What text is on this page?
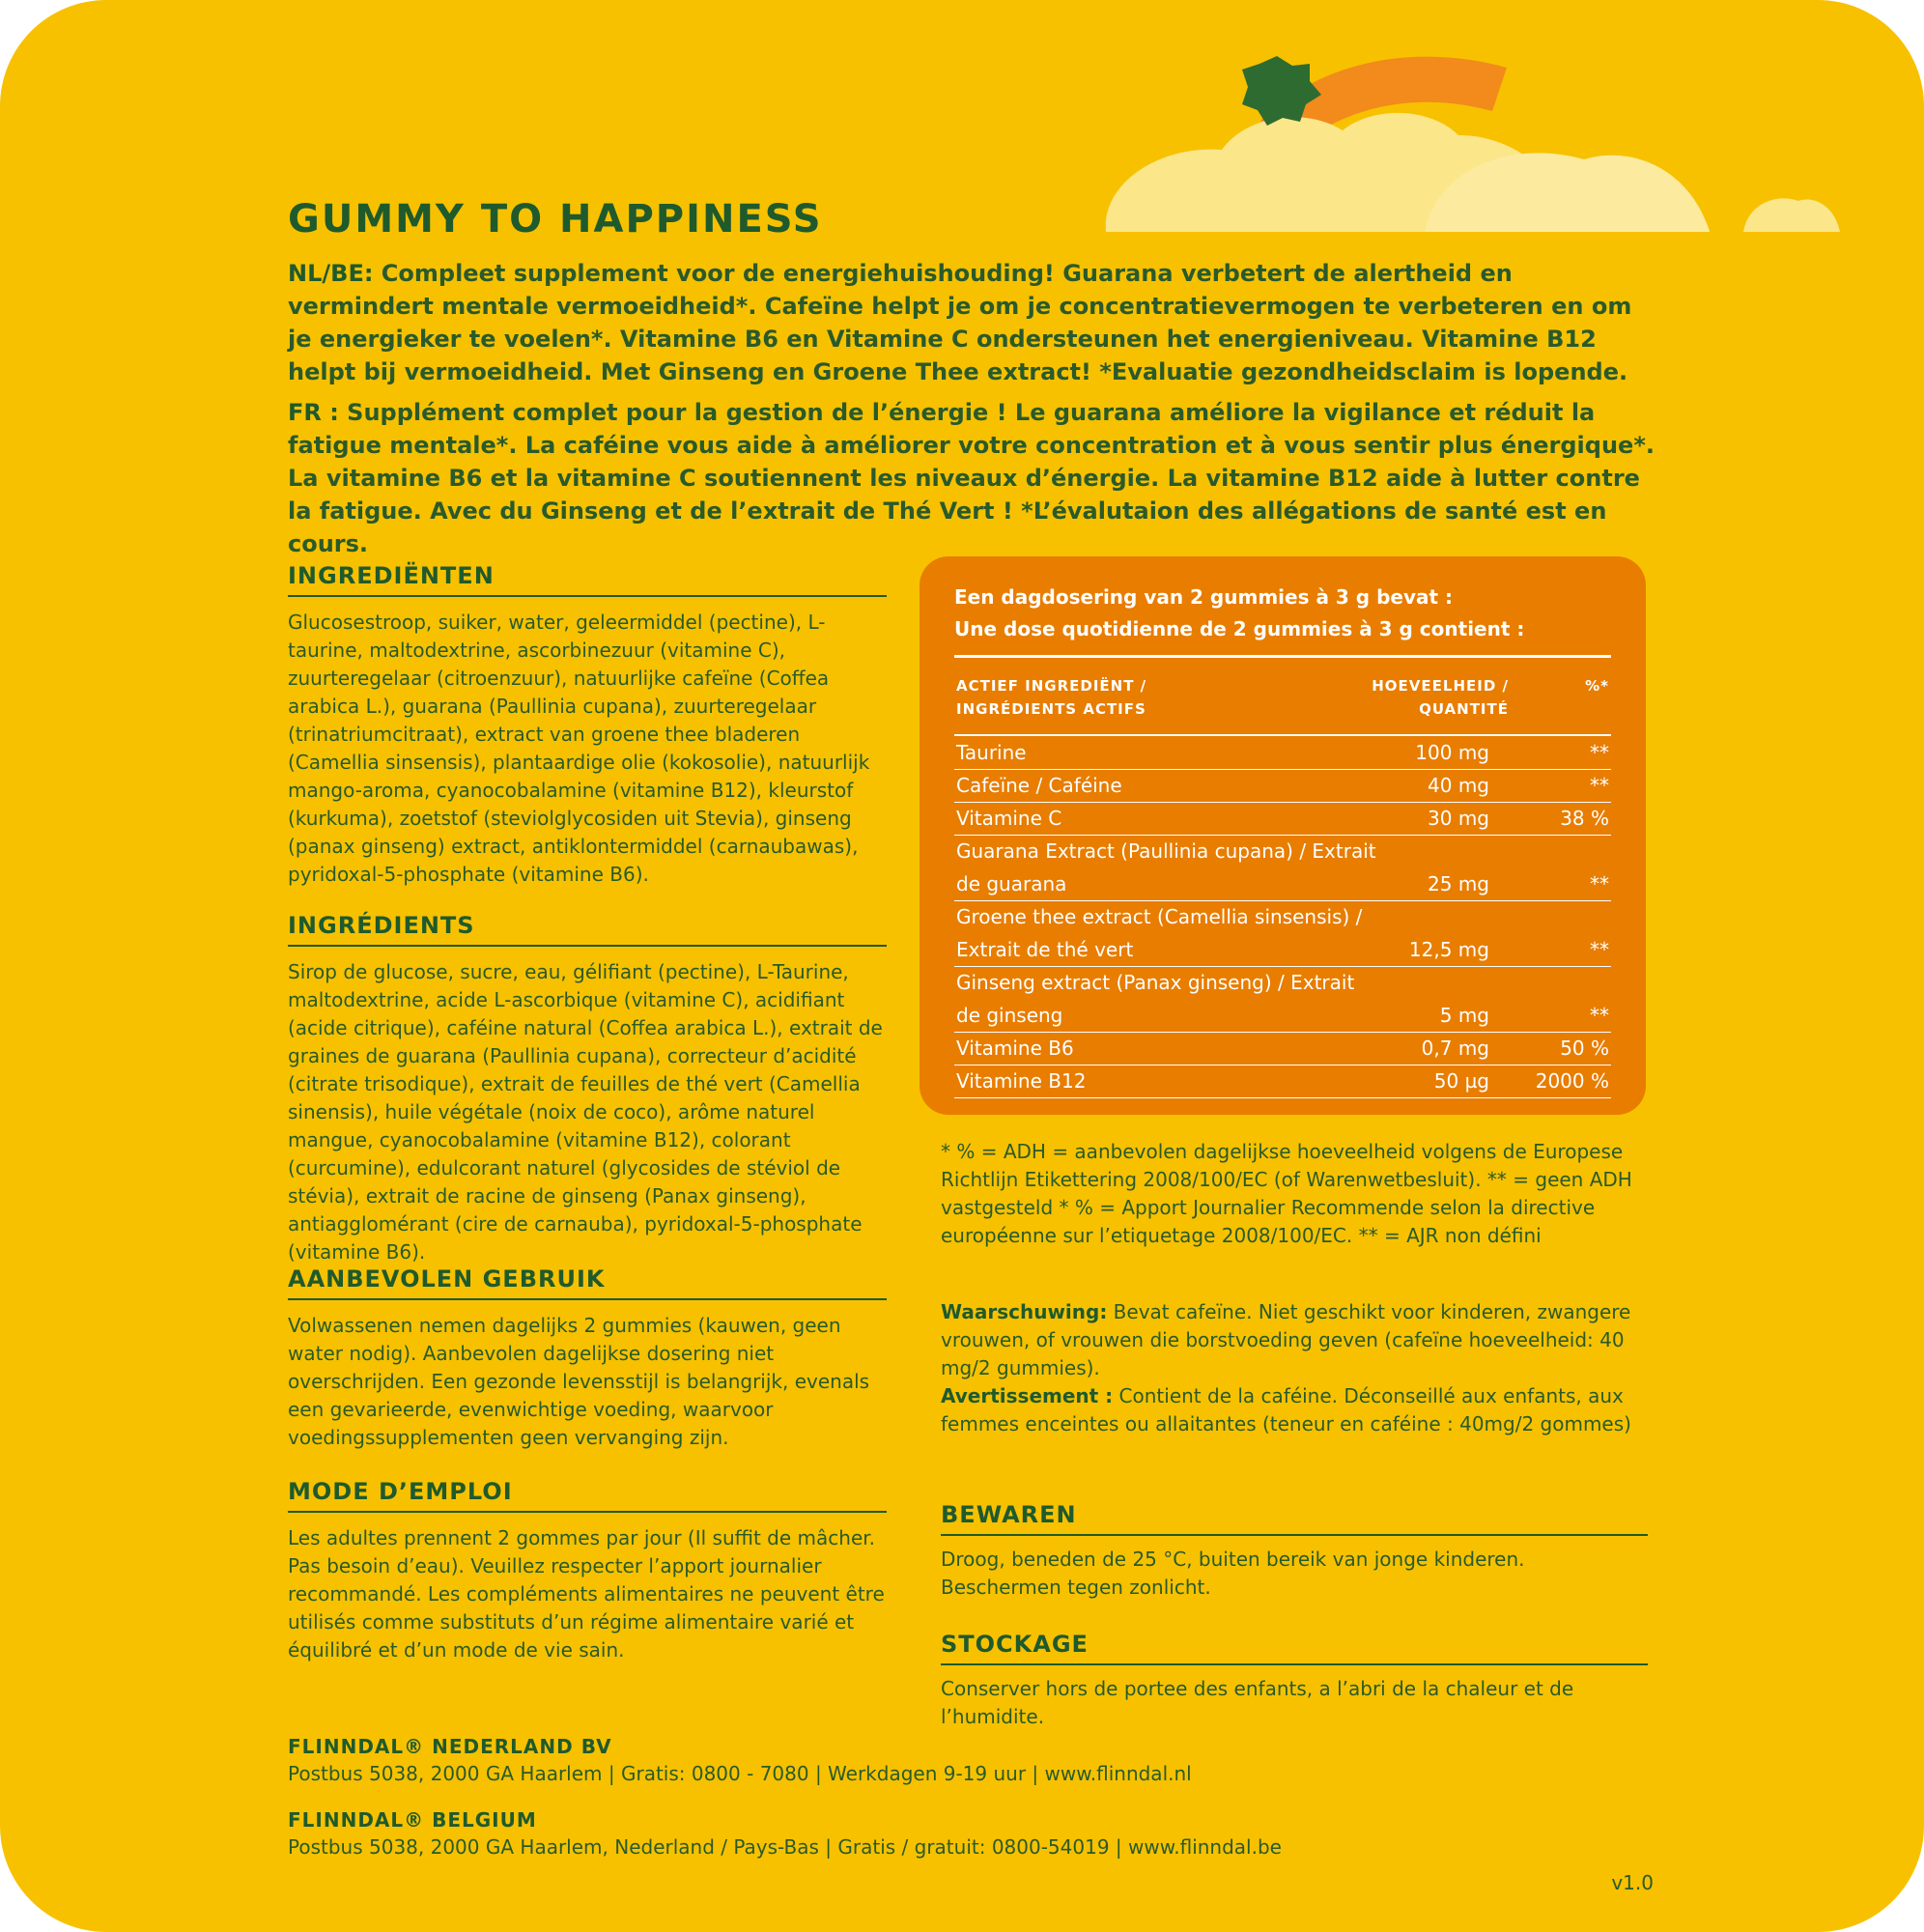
GUMMY TO HAPPINESS

NL/BE: Compleet supplement voor de energiehuishouding! Guarana verbetert de alertheid en vermindert mentale vermoeidheid*. Cafeïne helpt je om je concentratievermogen te verbeteren en om je energieker te voelen*. Vitamine B6 en Vitamine C ondersteunen het energieniveau. Vitamine B12 helpt bij vermoeidheid. Met Ginseng en Groene Thee extract! *Evaluatie gezondheidsclaim is lopende.

FR : Supplément complet pour la gestion de l’énergie ! Le guarana améliore la vigilance et réduit la fatigue mentale*. La caféine vous aide à améliorer votre concentration et à vous sentir plus énergique*. La vitamine B6 et la vitamine C soutiennent les niveaux d’énergie. La vitamine B12 aide à lutter contre la fatigue. Avec du Ginseng et de l’extrait de Thé Vert ! *L’évalutaion des allégations de santé est en cours.

INGREDIËNTEN

Glucosestroop, suiker, water, geleermiddel (pectine), L-taurine, maltodextrine, ascorbinezuur (vitamine C), zuurteregelaar (citroenzuur), natuurlijke cafeïne (Coffea arabica L.), guarana (Paullinia cupana), zuurteregelaar (trinatriumcitraat), extract van groene thee bladeren (Camellia sinsensis), plantaardige olie (kokosolie), natuurlijk mango-aroma, cyanocobalamine (vitamine B12), kleurstof (kurkuma), zoetstof (steviolglycosiden uit Stevia), ginseng (panax ginseng) extract, antiklontermiddel (carnaubawas), pyridoxal-5-phosphate (vitamine B6).

INGRÉDIENTS

Sirop de glucose, sucre, eau, gélifiant (pectine), L-Taurine, maltodextrine, acide L-ascorbique (vitamine C), acidifiant (acide citrique), caféine natural (Coffea arabica L.), extrait de graines de guarana (Paullinia cupana), correcteur d’acidité (citrate trisodique), extrait de feuilles de thé vert (Camellia sinensis), huile végétale (noix de coco), arôme naturel mangue, cyanocobalamine (vitamine B12), colorant (curcumine), edulcorant naturel (glycosides de stéviol de stévia), extrait de racine de ginseng (Panax ginseng), antiagglomérant (cire de carnauba), pyridoxal-5-phosphate (vitamine B6).

AANBEVOLEN GEBRUIK

Volwassenen nemen dagelijks 2 gummies (kauwen, geen water nodig). Aanbevolen dagelijkse dosering niet overschrijden. Een gezonde levensstijl is belangrijk, evenals een gevarieerde, evenwichtige voeding, waarvoor voedingssupplementen geen vervanging zijn.

MODE D’EMPLOI

Les adultes prennent 2 gommes par jour (Il suffit de mâcher. Pas besoin d’eau). Veuillez respecter l’apport journalier recommandé. Les compléments alimentaires ne peuvent être utilisés comme substituts d’un régime alimentaire varié et équilibré et d’un mode de vie sain.

Een dagdosering van 2 gummies à 3 g bevat :
Une dose quotidienne de 2 gummies à 3 g contient :

ACTIEF INGREDIËNT / INGRÉDIENTS ACTIFS
HOEVEELHEID / QUANTITÉ
%*
Taurine	100 mg	**
Cafeïne / Caféine	40 mg	**
Vitamine C	30 mg	38 %
Guarana Extract (Paullinia cupana) / Extrait de guarana	25 mg	**
Groene thee extract (Camellia sinsensis) / Extrait de thé vert	12,5 mg	**
Ginseng extract (Panax ginseng) / Extrait de ginseng	5 mg	**
Vitamine B6	0,7 mg	50 %
Vitamine B12	50 µg 2000 %

* % = ADH = aanbevolen dagelijkse hoeveelheid volgens de Europese Richtlijn Etikettering 2008/100/EC (of Warenwetbesluit). ** = geen ADH vastgesteld * % = Apport Journalier Recommende selon la directive européenne sur l’etiquetage 2008/100/EC. ** = AJR non défini

Waarschuwing: Bevat cafeïne. Niet geschikt voor kinderen, zwangere vrouwen, of vrouwen die borstvoeding geven (cafeïne hoeveelheid: 40 mg/2 gummies).

Avertissement : Contient de la caféine. Déconseillé aux enfants, aux femmes enceintes ou allaitantes (teneur en caféine : 40mg/2 gommes)

BEWAREN

Droog, beneden de 25 °C, buiten bereik van jonge kinderen. Beschermen tegen zonlicht.

STOCKAGE

Conserver hors de portee des enfants, a l’abri de la chaleur et de l’humidite.

FLINNDAL® NEDERLAND BV

Postbus 5038, 2000 GA Haarlem | Gratis: 0800 - 7080 | Werkdagen 9-19 uur | www.flinndal.nl

FLINNDAL® BELGIUM

Postbus 5038, 2000 GA Haarlem, Nederland / Pays-Bas | Gratis / gratuit: 0800-54019 | www.flinndal.be

v1.0
